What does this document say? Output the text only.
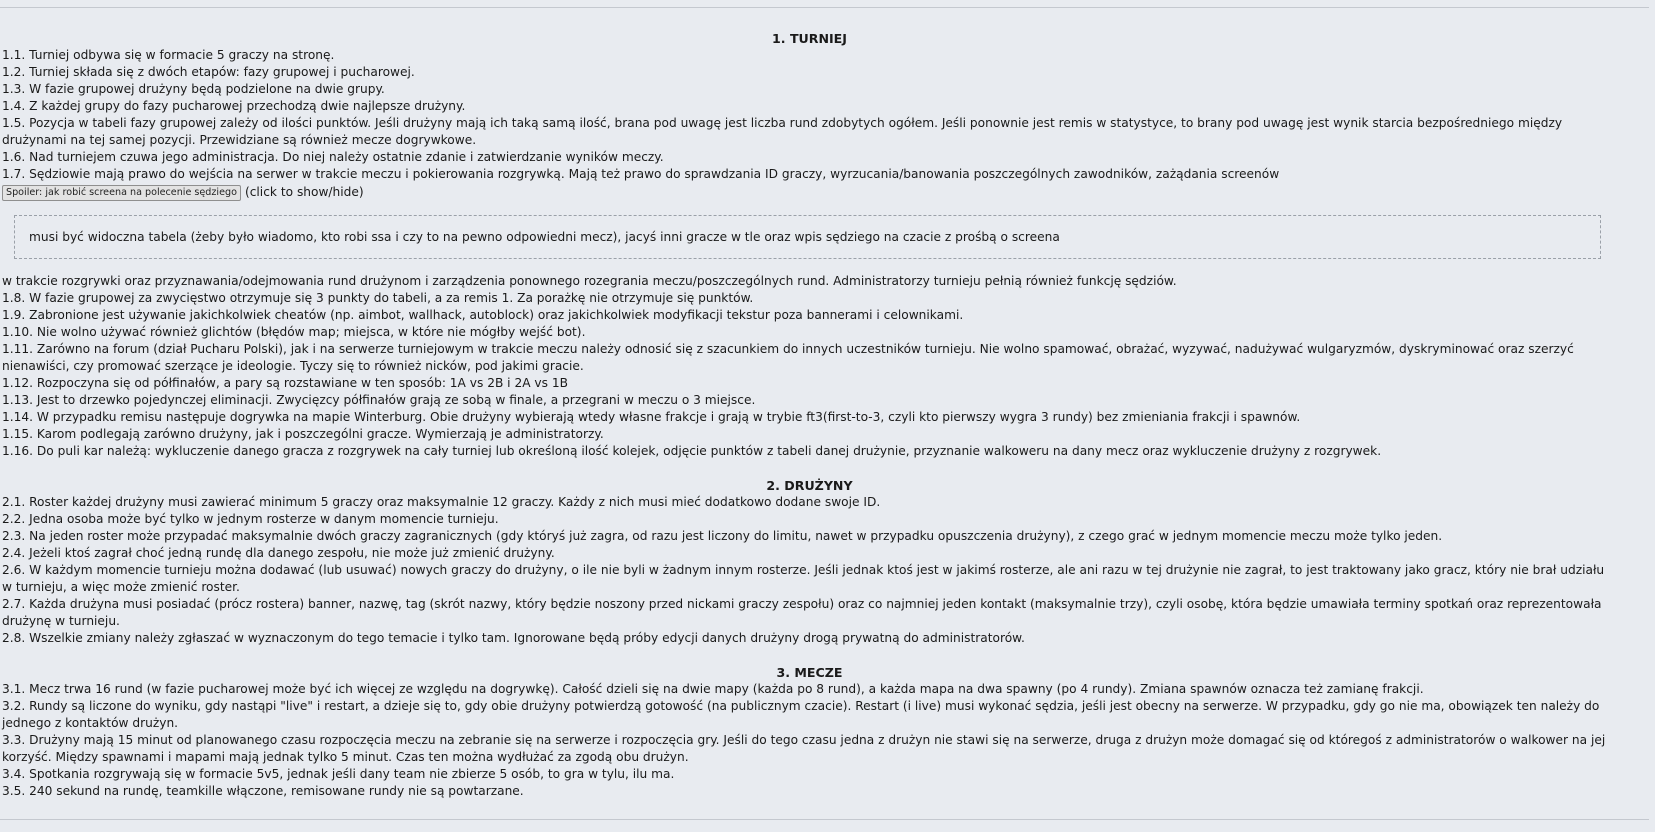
1. TURNIEJ

1.1. Turniej odbywa się w formacie 5 graczy na stronę.

1.2. Turniej składa się z dwóch etapów: fazy grupowej i pucharowej.

1.3. W fazie grupowej drużyny będą podzielone na dwie grupy.

1.4. Z każdej grupy do fazy pucharowej przechodzą dwie najlepsze drużyny.

1.5. Pozycja w tabeli fazy grupowej zależy od ilości punktów. Jeśli drużyny mają ich taką samą ilość, brana pod uwagę jest liczba rund zdobytych ogółem. Jeśli ponownie jest remis w statystyce, to brany pod uwagę jest wynik starcia bezpośredniego między drużynami na tej samej pozycji. Przewidziane są również mecze dogrywkowe.

1.6. Nad turniejem czuwa jego administracja. Do niej należy ostatnie zdanie i zatwierdzanie wyników meczy.

1.7. Sędziowie mają prawo do wejścia na serwer w trakcie meczu i pokierowania rozgrywką. Mają też prawo do sprawdzania ID graczy, wyrzucania/banowania poszczególnych zawodników, zażądania screenów

Spoiler: jak robić screena na polecenie sędziego (click to show/hide)
musi być widoczna tabela (żeby było wiadomo, kto robi ssa i czy to na pewno odpowiedni mecz), jacyś inni gracze w tle oraz wpis sędziego na czacie z prośbą o screena

w trakcie rozgrywki oraz przyznawania/odejmowania rund drużynom i zarządzenia ponownego rozegrania meczu/poszczególnych rund. Administratorzy turnieju pełnią również funkcję sędziów.

1.8. W fazie grupowej za zwycięstwo otrzymuje się 3 punkty do tabeli, a za remis 1. Za porażkę nie otrzymuje się punktów.

1.9. Zabronione jest używanie jakichkolwiek cheatów (np. aimbot, wallhack, autoblock) oraz jakichkolwiek modyfikacji tekstur poza bannerami i celownikami.

1.10. Nie wolno używać również glichtów (błędów map; miejsca, w które nie mógłby wejść bot).

1.11. Zarówno na forum (dział Pucharu Polski), jak i na serwerze turniejowym w trakcie meczu należy odnosić się z szacunkiem do innych uczestników turnieju. Nie wolno spamować, obrażać, wyzywać, nadużywać wulgaryzmów, dyskryminować oraz szerzyć nienawiści, czy promować szerzące je ideologie. Tyczy się to również nicków, pod jakimi gracie.

1.12. Rozpoczyna się od półfinałów, a pary są rozstawiane w ten sposób: 1A vs 2B i 2A vs 1B

1.13. Jest to drzewko pojedynczej eliminacji. Zwycięzcy półfinałów grają ze sobą w finale, a przegrani w meczu o 3 miejsce.

1.14. W przypadku remisu następuje dogrywka na mapie Winterburg. Obie drużyny wybierają wtedy własne frakcje i grają w trybie ft3(first-to-3, czyli kto pierwszy wygra 3 rundy) bez zmieniania frakcji i spawnów.

1.15. Karom podlegają zarówno drużyny, jak i poszczególni gracze. Wymierzają je administratorzy.

1.16. Do puli kar należą: wykluczenie danego gracza z rozgrywek na cały turniej lub określoną ilość kolejek, odjęcie punktów z tabeli danej drużynie, przyznanie walkoweru na dany mecz oraz wykluczenie drużyny z rozgrywek.

2. DRUŻYNY

2.1. Roster każdej drużyny musi zawierać minimum 5 graczy oraz maksymalnie 12 graczy. Każdy z nich musi mieć dodatkowo dodane swoje ID.

2.2. Jedna osoba może być tylko w jednym rosterze w danym momencie turnieju.

2.3. Na jeden roster może przypadać maksymalnie dwóch graczy zagranicznych (gdy któryś już zagra, od razu jest liczony do limitu, nawet w przypadku opuszczenia drużyny), z czego grać w jednym momencie meczu może tylko jeden.

2.4. Jeżeli ktoś zagrał choć jedną rundę dla danego zespołu, nie może już zmienić drużyny.

2.6. W każdym momencie turnieju można dodawać (lub usuwać) nowych graczy do drużyny, o ile nie byli w żadnym innym rosterze. Jeśli jednak ktoś jest w jakimś rosterze, ale ani razu w tej drużynie nie zagrał, to jest traktowany jako gracz, który nie brał udziału w turnieju, a więc może zmienić roster.

2.7. Każda drużyna musi posiadać (prócz rostera) banner, nazwę, tag (skrót nazwy, który będzie noszony przed nickami graczy zespołu) oraz co najmniej jeden kontakt (maksymalnie trzy), czyli osobę, która będzie umawiała terminy spotkań oraz reprezentowała drużynę w turnieju.

2.8. Wszelkie zmiany należy zgłaszać w wyznaczonym do tego temacie i tylko tam. Ignorowane będą próby edycji danych drużyny drogą prywatną do administratorów.

3. MECZE

3.1. Mecz trwa 16 rund (w fazie pucharowej może być ich więcej ze względu na dogrywkę). Całość dzieli się na dwie mapy (każda po 8 rund), a każda mapa na dwa spawny (po 4 rundy). Zmiana spawnów oznacza też zamianę frakcji.

3.2. Rundy są liczone do wyniku, gdy nastąpi "live" i restart, a dzieje się to, gdy obie drużyny potwierdzą gotowość (na publicznym czacie). Restart (i live) musi wykonać sędzia, jeśli jest obecny na serwerze. W przypadku, gdy go nie ma, obowiązek ten należy do jednego z kontaktów drużyn.

3.3. Drużyny mają 15 minut od planowanego czasu rozpoczęcia meczu na zebranie się na serwerze i rozpoczęcia gry. Jeśli do tego czasu jedna z drużyn nie stawi się na serwerze, druga z drużyn może domagać się od któregoś z administratorów o walkower na jej korzyść. Między spawnami i mapami mają jednak tylko 5 minut. Czas ten można wydłużać za zgodą obu drużyn.

3.4. Spotkania rozgrywają się w formacie 5v5, jednak jeśli dany team nie zbierze 5 osób, to gra w tylu, ilu ma.

3.5. 240 sekund na rundę, teamkille włączone, remisowane rundy nie są powtarzane.
